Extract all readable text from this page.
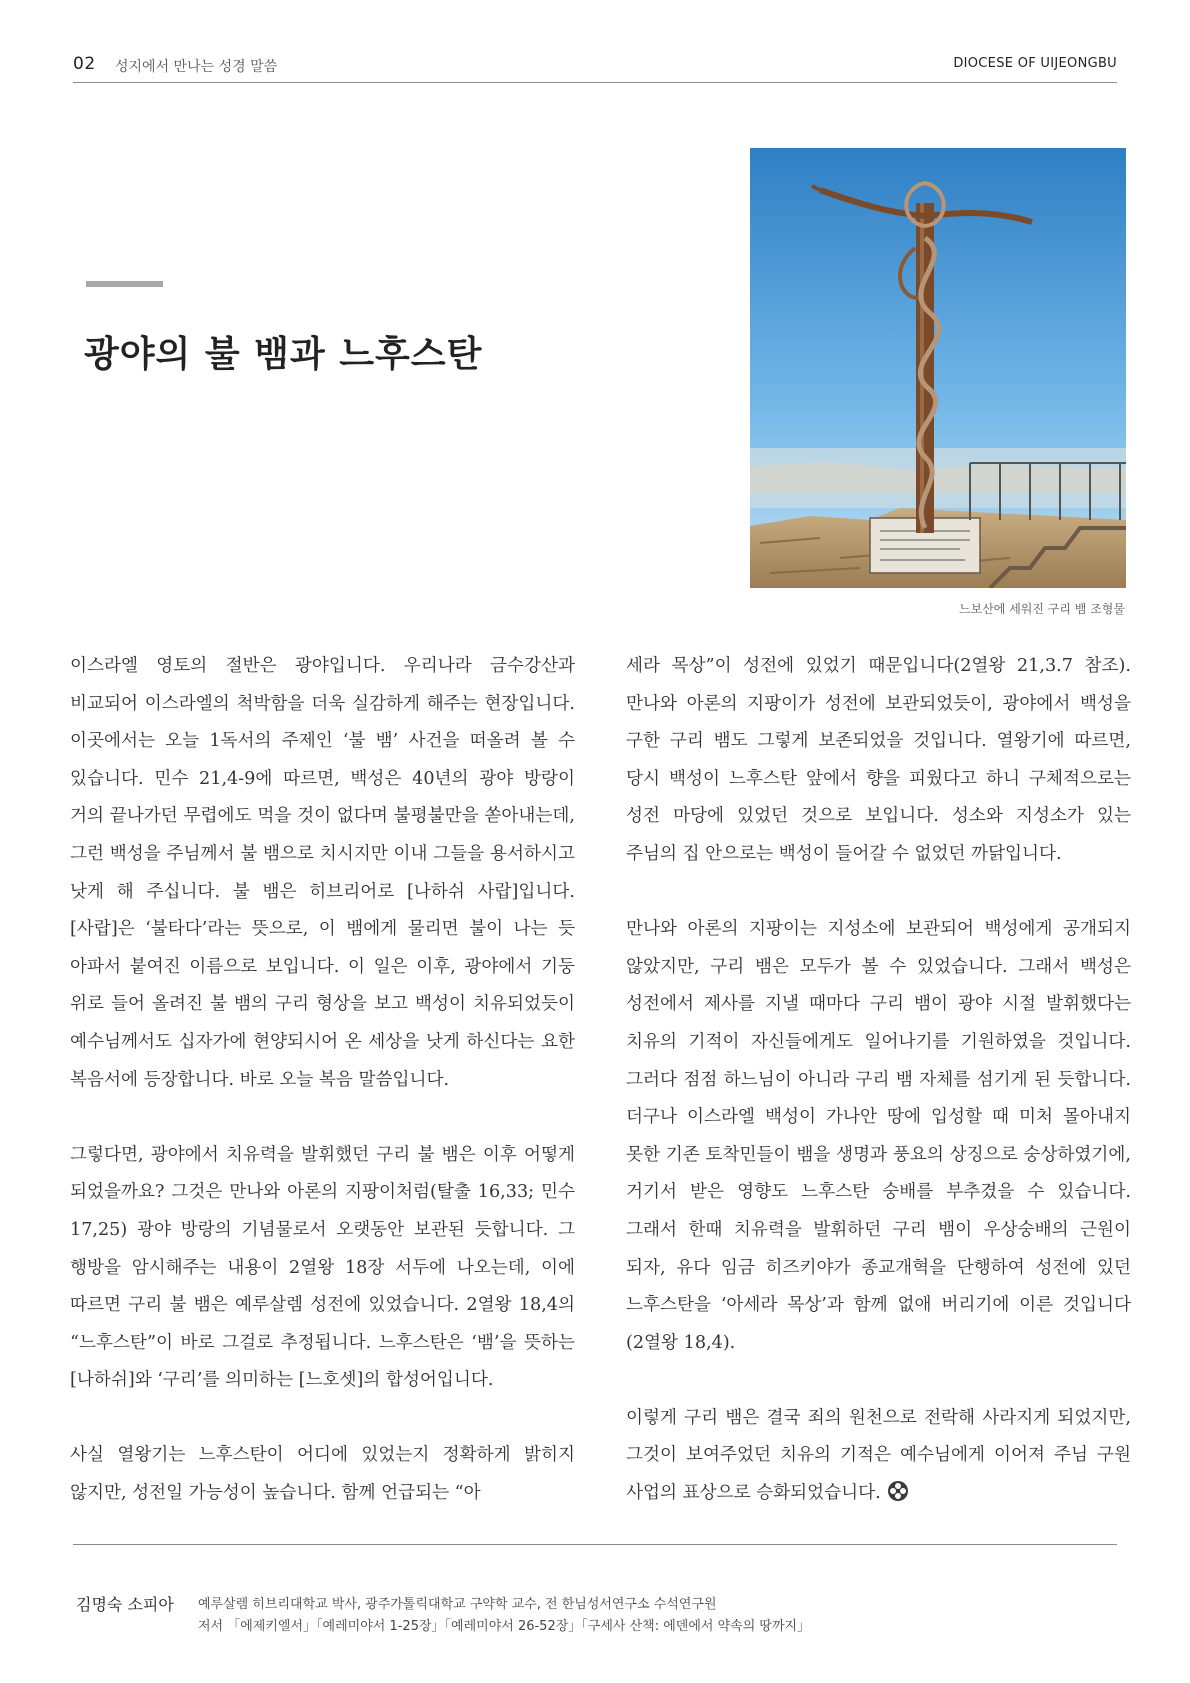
02 성지에서 만나는 성경 말씀	DIOCESE OF UIJEONGBU
광야의 불 뱀과 느후스탄
느보산에 세워진 구리 뱀 조형물

이스라엘 영토의 절반은 광야입니다. 우리나라 금수강산과 비교되어 이스라엘의 척박함을 더욱 실감하게 해주는 현장입니다. 이곳에서는 오늘 1독서의 주제인 ‘불 뱀’ 사건을 떠올려 볼 수 있습니다. 민수 21,4-9에 따르면, 백성은 40년의 광야 방랑이 거의 끝나가던 무렵에도 먹을 것이 없다며 불평불만을 쏟아내는데, 그런 백성을 주님께서 불 뱀으로 치시지만 이내 그들을 용서하시고 낫게 해 주십니다. 불 뱀은 히브리어로 [나하쉬 사랍]입니다. [사랍]은 ‘불타다’라는 뜻으로, 이 뱀에게 물리면 불이 나는 듯 아파서 붙여진 이름으로 보입니다. 이 일은 이후, 광야에서 기둥 위로 들어 올려진 불 뱀의 구리 형상을 보고 백성이 치유되었듯이 예수님께서도 십자가에 현양되시어 온 세상을 낫게 하신다는 요한 복음서에 등장합니다. 바로 오늘 복음 말씀입니다.

그렇다면, 광야에서 치유력을 발휘했던 구리 불 뱀은 이후 어떻게 되었을까요? 그것은 만나와 아론의 지팡이처럼(탈출 16,33; 민수 17,25) 광야 방랑의 기념물로서 오랫동안 보관된 듯합니다. 그 행방을 암시해주는 내용이 2열왕 18장 서두에 나오는데, 이에 따르면 구리 불 뱀은 예루살렘 성전에 있었습니다. 2열왕 18,4의 “느후스탄”이 바로 그걸로 추정됩니다. 느후스탄은 ‘뱀’을 뜻하는 [나하쉬]와 ‘구리’를 의미하는 [느호셋]의 합성어입니다.

사실 열왕기는 느후스탄이 어디에 있었는지 정확하게 밝히지 않지만, 성전일 가능성이 높습니다. 함께 언급되는 “아

세라 목상”이 성전에 있었기 때문입니다(2열왕 21,3.7 참조). 만나와 아론의 지팡이가 성전에 보관되었듯이, 광야에서 백성을 구한 구리 뱀도 그렇게 보존되었을 것입니다. 열왕기에 따르면, 당시 백성이 느후스탄 앞에서 향을 피웠다고 하니 구체적으로는 성전 마당에 있었던 것으로 보입니다. 성소와 지성소가 있는 주님의 집 안으로는 백성이 들어갈 수 없었던 까닭입니다.

만나와 아론의 지팡이는 지성소에 보관되어 백성에게 공개되지 않았지만, 구리 뱀은 모두가 볼 수 있었습니다. 그래서 백성은 성전에서 제사를 지낼 때마다 구리 뱀이 광야 시절 발휘했다는 치유의 기적이 자신들에게도 일어나기를 기원하였을 것입니다. 그러다 점점 하느님이 아니라 구리 뱀 자체를 섬기게 된 듯합니다. 더구나 이스라엘 백성이 가나안 땅에 입성할 때 미처 몰아내지 못한 기존 토착민들이 뱀을 생명과 풍요의 상징으로 숭상하였기에, 거기서 받은 영향도 느후스탄 숭배를 부추겼을 수 있습니다. 그래서 한때 치유력을 발휘하던 구리 뱀이 우상숭배의 근원이 되자, 유다 임금 히즈키야가 종교개혁을 단행하여 성전에 있던 느후스탄을 ‘아세라 목상’과 함께 없애 버리기에 이른 것입니다(2열왕 18,4).

이렇게 구리 뱀은 결국 죄의 원천으로 전락해 사라지게 되었지만, 그것이 보여주었던 치유의 기적은 예수님에게 이어져 주님 구원 사업의 표상으로 승화되었습니다.

김명숙 소피아 예루살렘 히브리대학교 박사, 광주가톨릭대학교 구약학 교수, 전 한님성서연구소 수석연구원
저서 「에제키엘서」「예레미야서 1-25장」「예레미야서 26-52장」「구세사 산책: 에덴에서 약속의 땅까지」
